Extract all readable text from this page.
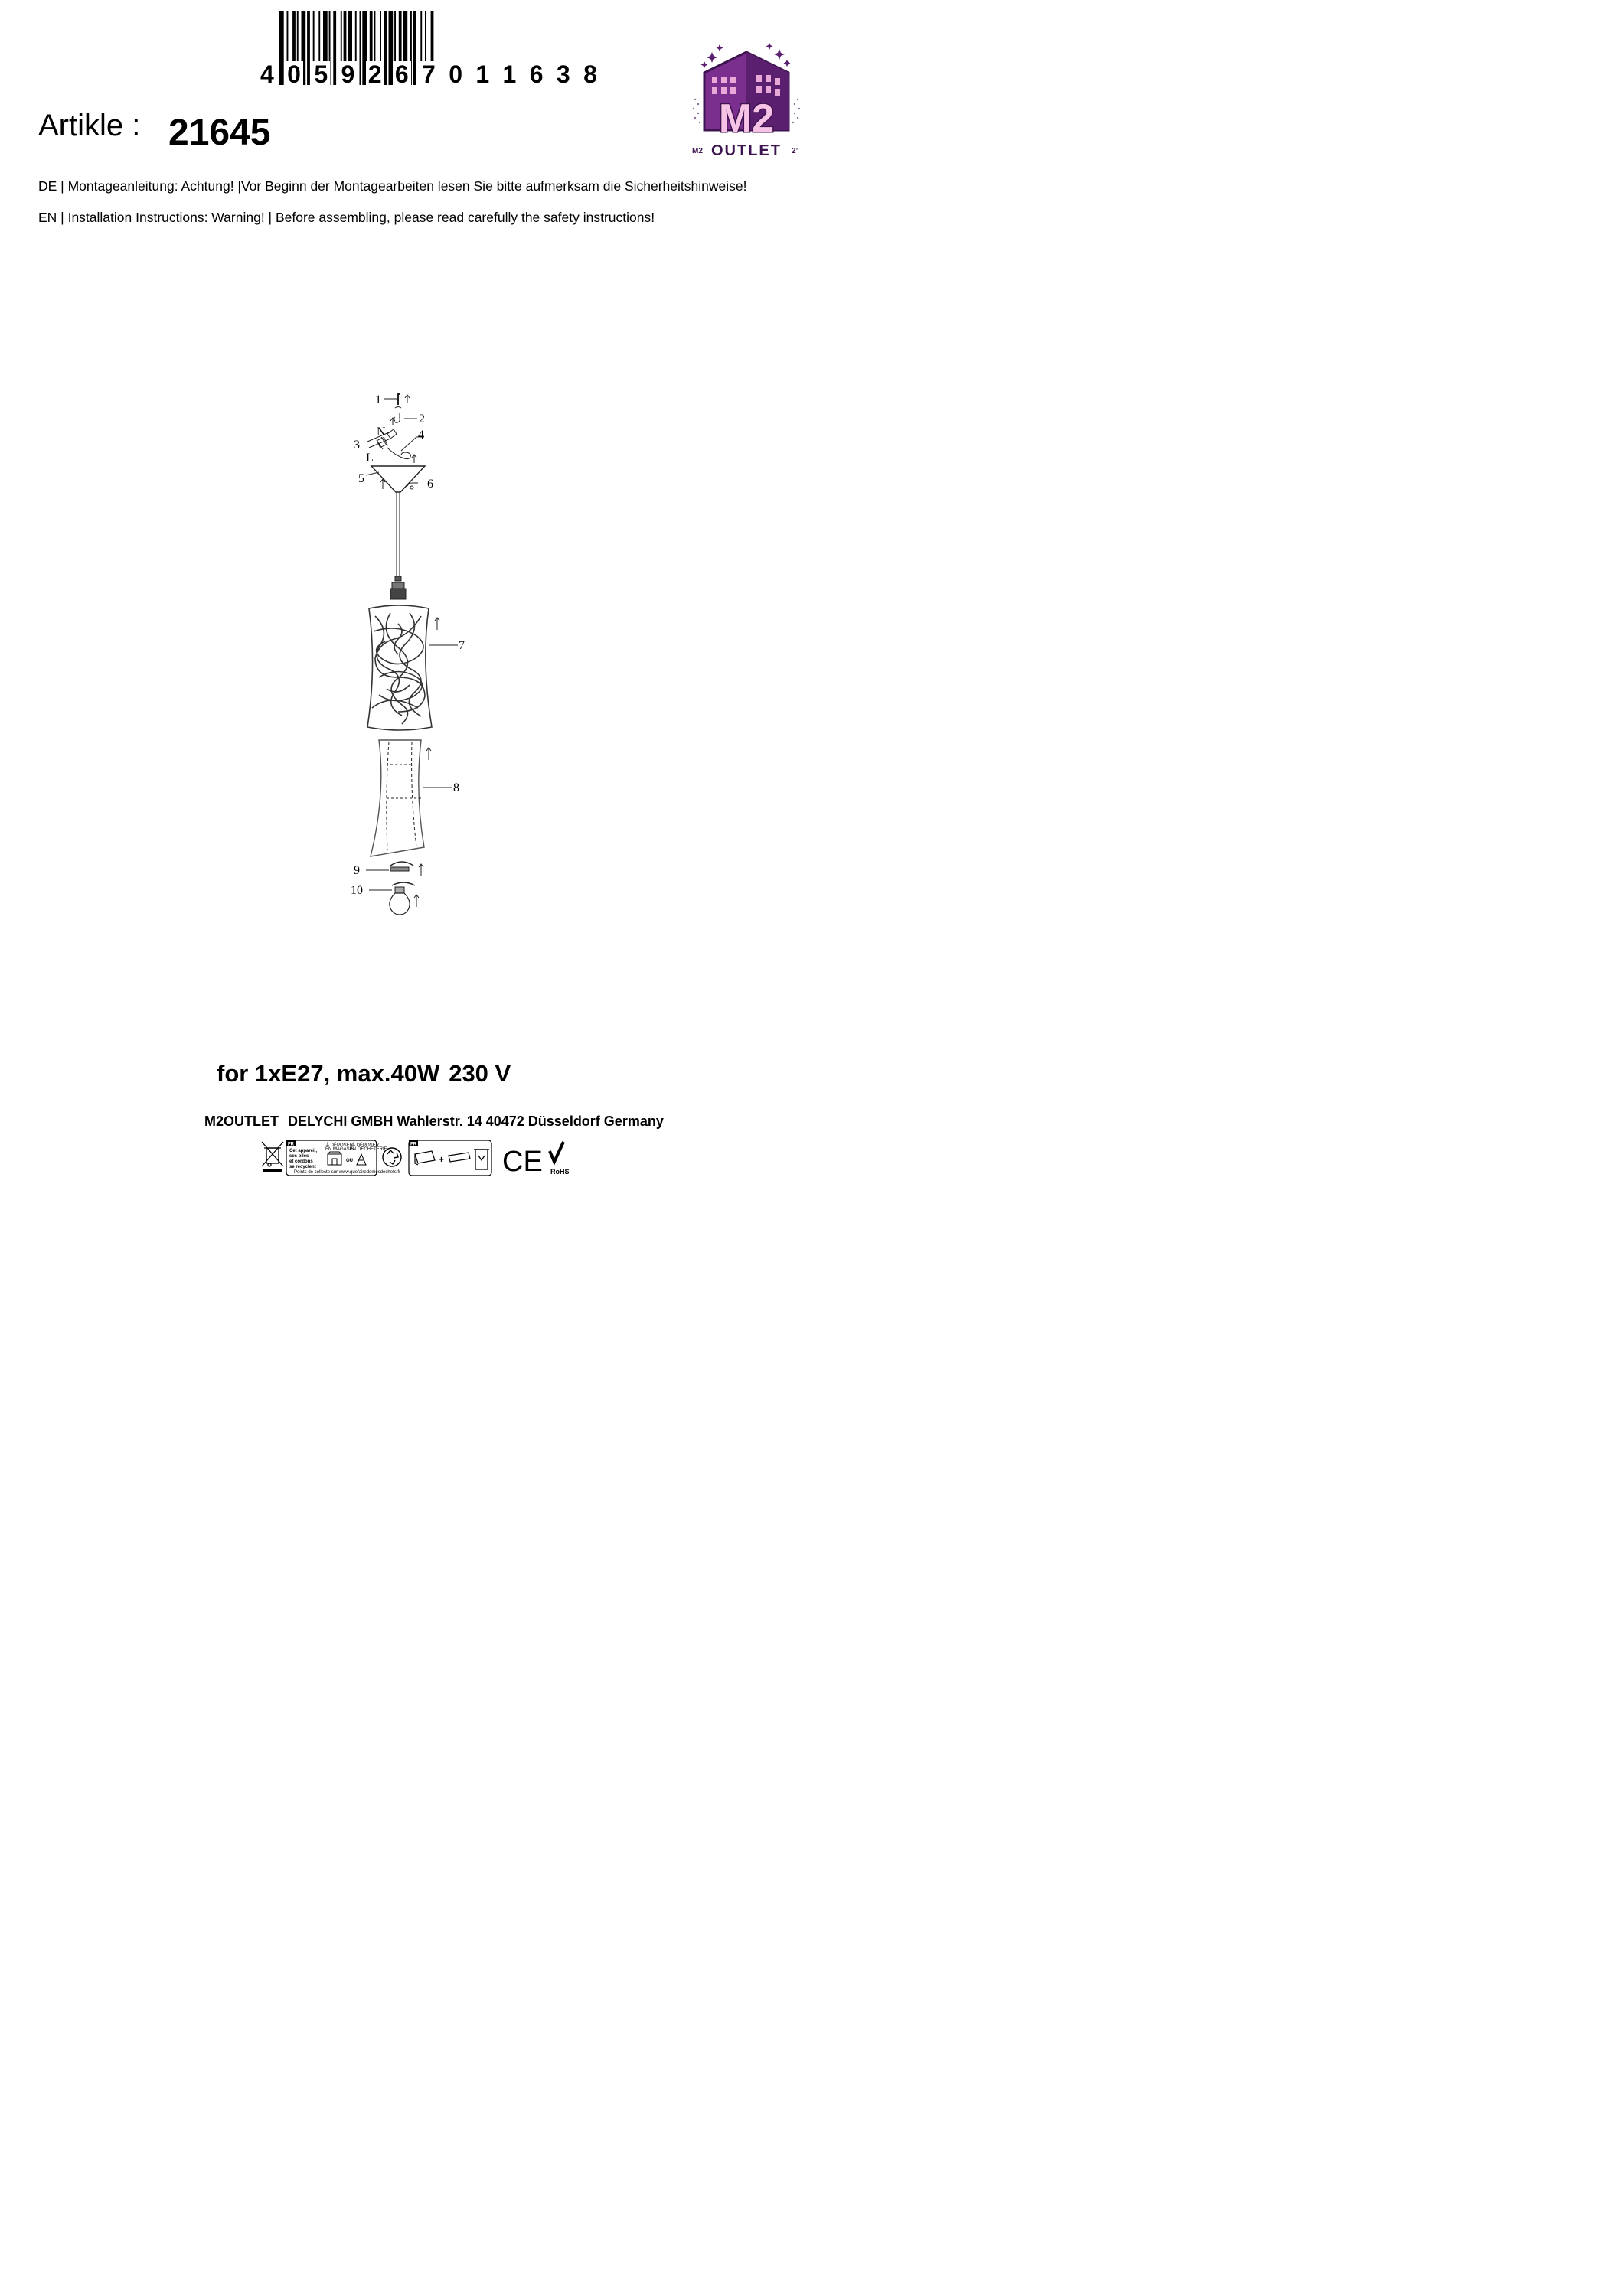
4 0 5 9 2 6 7 0 1 1 6 3 8
Artikle : 21645
DE | Montageanleitung: Achtung! |Vor Beginn der Montagearbeiten lesen Sie bitte aufmerksam die Sicherheitshinweise!
EN | Installation Instructions: Warning! | Before assembling, please read carefully the safety instructions!
M2
M2 OUTLET 2’
1
2
3
N
L
4
5	6
7
8
9
10
for 1xE27, max.40W 230 V
M2OUTLET DELYCHI GMBH Wahlerstr. 14 40472 Düsseldorf Germany
FR
Cet appareil,
ses piles
et cordons
se recyclent
À DÉPOSER
EN MAGASIN
À DÉPOSER
EN DÉCHETERIE
OU
Points de collecte sur www.quefairedemesdechets.fr
FR
+ CE RoHS
